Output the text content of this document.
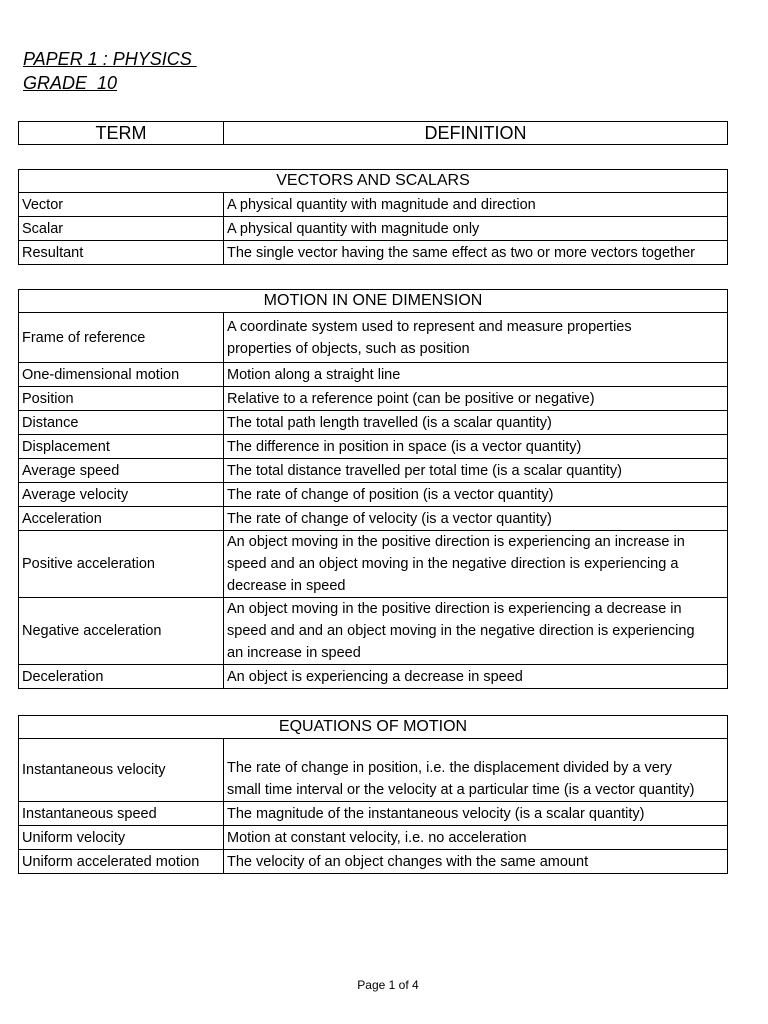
PAPER 1 : PHYSICS
GRADE  10
TERM	DEFINITION
VECTORS AND SCALARS	
Vector	A physical quantity with magnitude and direction
Scalar	A physical quantity with magnitude only
Resultant	The single vector having the same effect as two or more vectors together
MOTION IN ONE DIMENSION	
Frame of reference	A coordinate system used to represent and measure properties
properties of objects, such as position
One-dimensional motion	Motion along a straight line
Position	Relative to a reference point (can be positive or negative)
Distance	The total path length travelled (is a scalar quantity)
Displacement	The difference in position in space (is a vector quantity)
Average speed	The total distance travelled per total time (is a scalar quantity)
Average velocity	The rate of change of position (is a vector quantity)
Acceleration	The rate of change of velocity (is a vector quantity)
Positive acceleration	An object moving in the positive direction is experiencing an increase in
speed and an object moving in the negative direction is experiencing a
decrease in speed
Negative acceleration	An object moving in the positive direction is experiencing a decrease in
speed and and an object moving in the negative direction is experiencing
an increase in speed
Deceleration	An object is experiencing a decrease in speed
EQUATIONS OF MOTION	
Instantaneous velocity	The rate of change in position, i.e. the displacement divided by a very
small time interval or the velocity at a particular time (is a vector quantity)
Instantaneous speed	The magnitude of the instantaneous velocity (is a scalar quantity)
Uniform velocity	Motion at constant velocity, i.e. no acceleration
Uniform accelerated motion	The velocity of an object changes with the same amount
Page 1 of 4
